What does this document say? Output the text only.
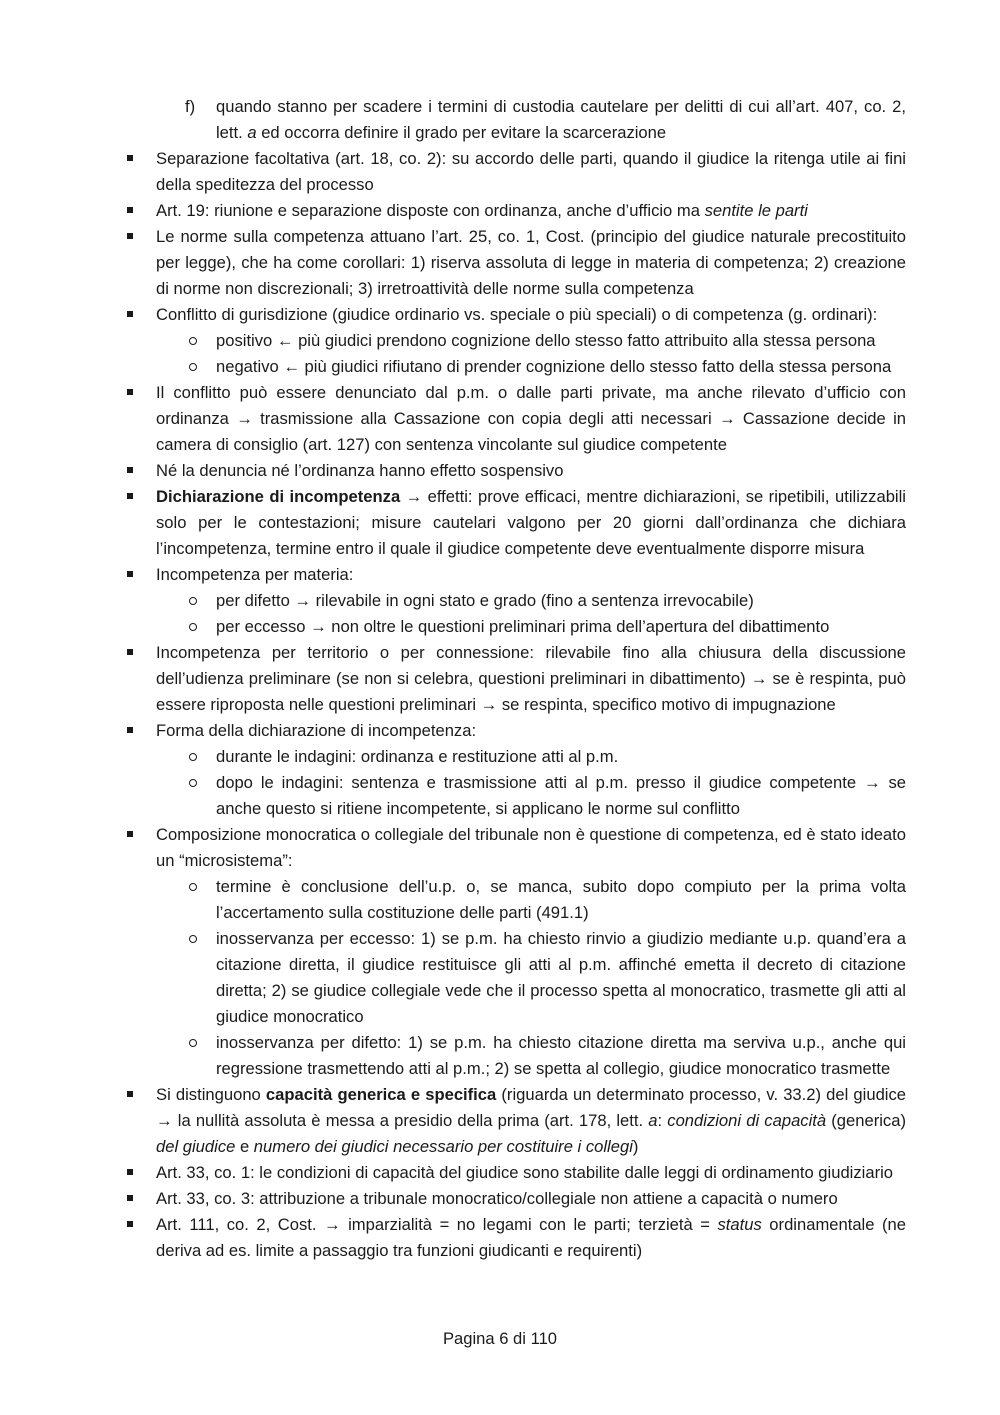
f) quando stanno per scadere i termini di custodia cautelare per delitti di cui all’art. 407, co. 2, lett. a ed occorra definire il grado per evitare la scarcerazione
Separazione facoltativa (art. 18, co. 2): su accordo delle parti, quando il giudice la ritenga utile ai fini della speditezza del processo
Art. 19: riunione e separazione disposte con ordinanza, anche d’ufficio ma sentite le parti
Le norme sulla competenza attuano l’art. 25, co. 1, Cost. (principio del giudice naturale precostituito per legge), che ha come corollari: 1) riserva assoluta di legge in materia di competenza; 2) creazione di norme non discrezionali; 3) irretroattività delle norme sulla competenza
Conflitto di gurisdizione (giudice ordinario vs. speciale o più speciali) o di competenza (g. ordinari):
positivo ← più giudici prendono cognizione dello stesso fatto attribuito alla stessa persona
negativo ← più giudici rifiutano di prender cognizione dello stesso fatto della stessa persona
Il conflitto può essere denunciato dal p.m. o dalle parti private, ma anche rilevato d’ufficio con ordinanza → trasmissione alla Cassazione con copia degli atti necessari → Cassazione decide in camera di consiglio (art. 127) con sentenza vincolante sul giudice competente
Né la denuncia né l’ordinanza hanno effetto sospensivo
Dichiarazione di incompetenza → effetti: prove efficaci, mentre dichiarazioni, se ripetibili, utilizzabili solo per le contestazioni; misure cautelari valgono per 20 giorni dall’ordinanza che dichiara l’incompetenza, termine entro il quale il giudice competente deve eventualmente disporre misura
Incompetenza per materia:
per difetto → rilevabile in ogni stato e grado (fino a sentenza irrevocabile)
per eccesso → non oltre le questioni preliminari prima dell’apertura del dibattimento
Incompetenza per territorio o per connessione: rilevabile fino alla chiusura della discussione dell’udienza preliminare (se non si celebra, questioni preliminari in dibattimento) → se è respinta, può essere riproposta nelle questioni preliminari → se respinta, specifico motivo di impugnazione
Forma della dichiarazione di incompetenza:
durante le indagini: ordinanza e restituzione atti al p.m.
dopo le indagini: sentenza e trasmissione atti al p.m. presso il giudice competente → se anche questo si ritiene incompetente, si applicano le norme sul conflitto
Composizione monocratica o collegiale del tribunale non è questione di competenza, ed è stato ideato un “microsistema”:
termine è conclusione dell’u.p. o, se manca, subito dopo compiuto per la prima volta l’accertamento sulla costituzione delle parti (491.1)
inosservanza per eccesso: 1) se p.m. ha chiesto rinvio a giudizio mediante u.p. quand’era a citazione diretta, il giudice restituisce gli atti al p.m. affinché emetta il decreto di citazione diretta; 2) se giudice collegiale vede che il processo spetta al monocratico, trasmette gli atti al giudice monocratico
inosservanza per difetto: 1) se p.m. ha chiesto citazione diretta ma serviva u.p., anche qui regressione trasmettendo atti al p.m.; 2) se spetta al collegio, giudice monocratico trasmette
Si distinguono capacità generica e specifica (riguarda un determinato processo, v. 33.2) del giudice → la nullità assoluta è messa a presidio della prima (art. 178, lett. a: condizioni di capacità (generica) del giudice e numero dei giudici necessario per costituire i collegi)
Art. 33, co. 1: le condizioni di capacità del giudice sono stabilite dalle leggi di ordinamento giudiziario
Art. 33, co. 3: attribuzione a tribunale monocratico/collegiale non attiene a capacità o numero
Art. 111, co. 2, Cost. → imparzialità = no legami con le parti; terzietà = status ordinamentale (ne deriva ad es. limite a passaggio tra funzioni giudicanti e requirenti)
Pagina 6 di 110
